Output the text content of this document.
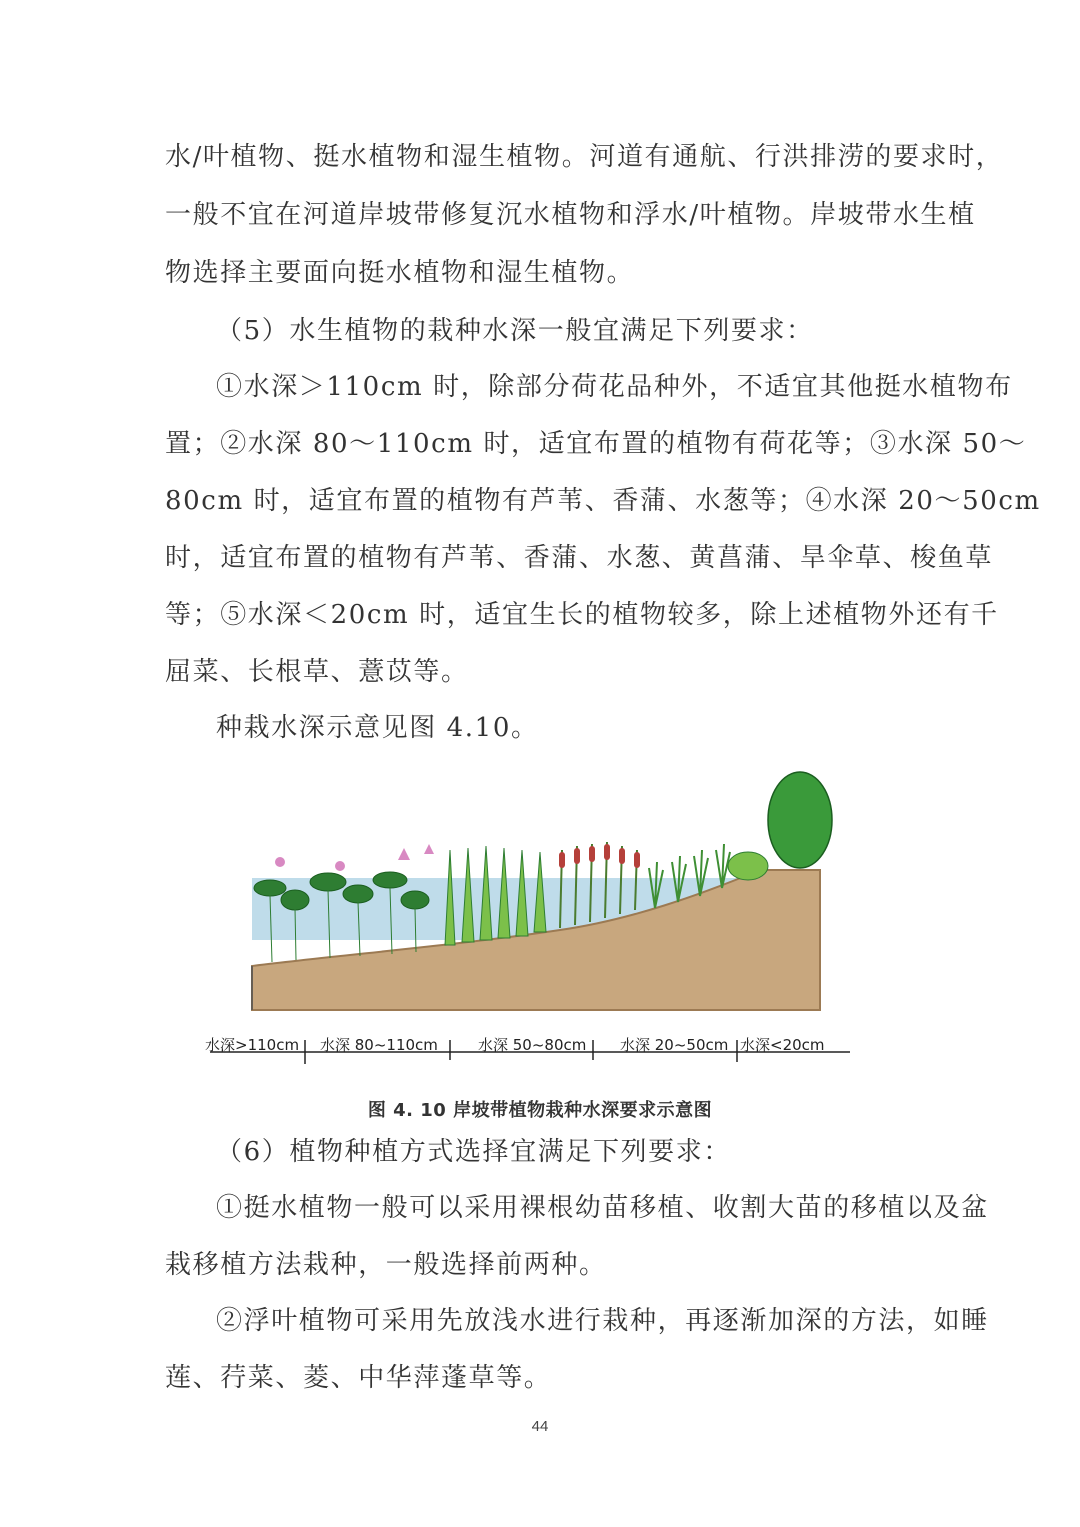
水/叶植物、挺水植物和湿生植物。河道有通航、行洪排涝的要求时，
一般不宜在河道岸坡带修复沉水植物和浮水/叶植物。岸坡带水生植
物选择主要面向挺水植物和湿生植物。
（5）水生植物的栽种水深一般宜满足下列要求：
①水深＞110cm 时，除部分荷花品种外，不适宜其他挺水植物布
置；②水深 80～110cm 时，适宜布置的植物有荷花等；③水深 50～
80cm 时，适宜布置的植物有芦苇、香蒲、水葱等；④水深 20～50cm
时，适宜布置的植物有芦苇、香蒲、水葱、黄菖蒲、旱伞草、梭鱼草
等；⑤水深＜20cm 时，适宜生长的植物较多，除上述植物外还有千
屈菜、长根草、薏苡等。
种栽水深示意见图 4.10。
水深>110cm 水深 80~110cm	水深 50~80cm 水深 20~50cm 水深<20cm
图 4. 10 岸坡带植物栽种水深要求示意图
（6）植物种植方式选择宜满足下列要求：
①挺水植物一般可以采用裸根幼苗移植、收割大苗的移植以及盆
栽移植方法栽种，一般选择前两种。
②浮叶植物可采用先放浅水进行栽种，再逐渐加深的方法，如睡
莲、荇菜、菱、中华萍蓬草等。
44
